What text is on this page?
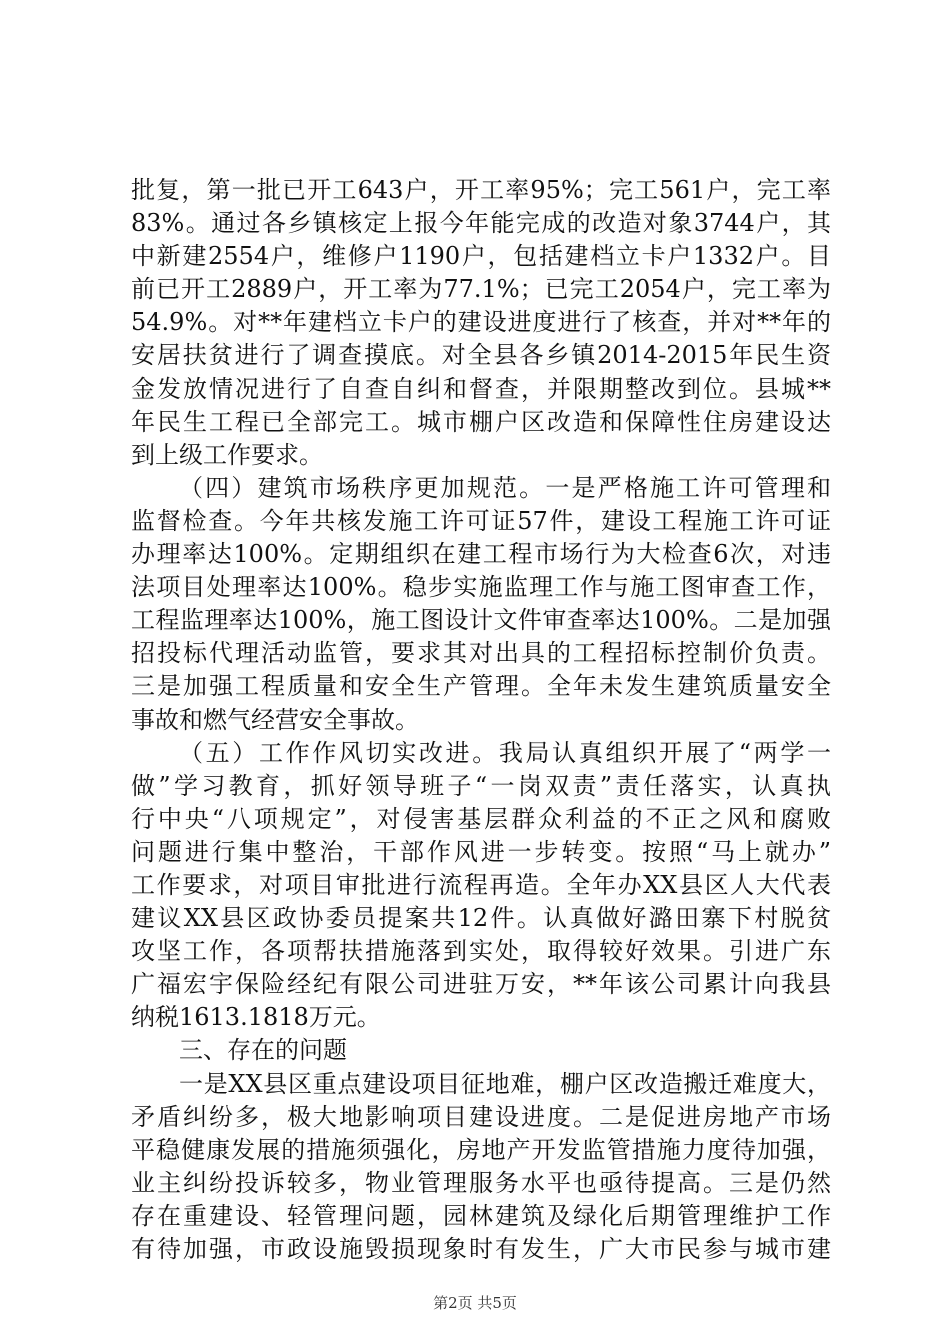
批复，第一批已开工643户，开工率95%；完工561户，完工率
83%。通过各乡镇核定上报今年能完成的改造对象3744户，其
中新建2554户，维修户1190户，包括建档立卡户1332户。目
前已开工2889户，开工率为77.1%；已完工2054户，完工率为
54.9%。对**年建档立卡户的建设进度进行了核查，并对**年的
安居扶贫进行了调查摸底。对全县各乡镇2014-2015年民生资
金发放情况进行了自查自纠和督查，并限期整改到位。县城**
年民生工程已全部完工。城市棚户区改造和保障性住房建设达
到上级工作要求。
（四）建筑市场秩序更加规范。一是严格施工许可管理和
监督检查。今年共核发施工许可证57件，建设工程施工许可证
办理率达100%。定期组织在建工程市场行为大检查6次，对违
法项目处理率达100%。稳步实施监理工作与施工图审查工作，
工程监理率达100%，施工图设计文件审查率达100%。二是加强
招投标代理活动监管，要求其对出具的工程招标控制价负责。
三是加强工程质量和安全生产管理。全年未发生建筑质量安全
事故和燃气经营安全事故。
（五）工作作风切实改进。我局认真组织开展了“两学一
做”学习教育，抓好领导班子“一岗双责”责任落实，认真执
行中央“八项规定”，对侵害基层群众利益的不正之风和腐败
问题进行集中整治，干部作风进一步转变。按照“马上就办”
工作要求，对项目审批进行流程再造。全年办XX县区人大代表
建议XX县区政协委员提案共12件。认真做好潞田寨下村脱贫
攻坚工作，各项帮扶措施落到实处，取得较好效果。引进广东
广福宏宇保险经纪有限公司进驻万安，**年该公司累计向我县
纳税1613.1818万元。
三、存在的问题
一是XX县区重点建设项目征地难，棚户区改造搬迁难度大，
矛盾纠纷多，极大地影响项目建设进度。二是促进房地产市场
平稳健康发展的措施须强化，房地产开发监管措施力度待加强，
业主纠纷投诉较多，物业管理服务水平也亟待提高。三是仍然
存在重建设、轻管理问题，园林建筑及绿化后期管理维护工作
有待加强，市政设施毁损现象时有发生，广大市民参与城市建
第2页 共5页
